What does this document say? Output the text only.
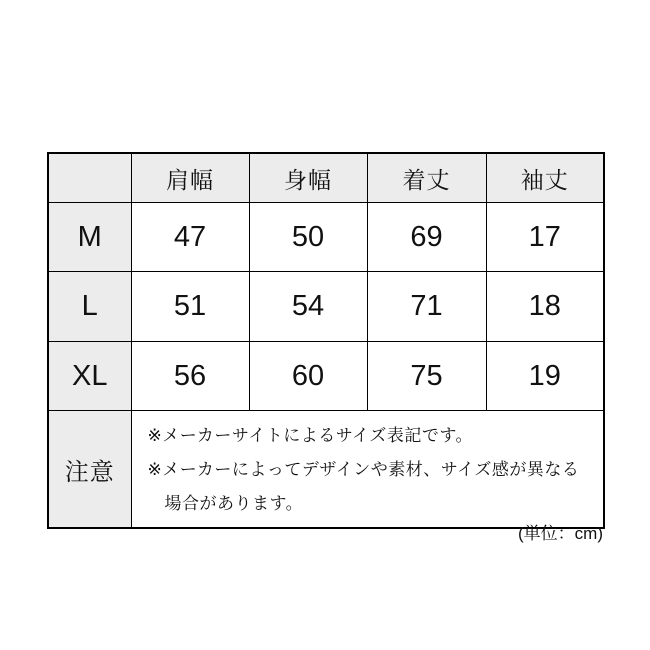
	肩幅	身幅	着丈	袖丈
M	47	50	69	17
L	51	54	71	18
XL	56	60	75	19
注意	※メーカーサイトによるサイズ表記です。

※メーカーによってデザインや素材、サイズ感が異なる場合があります。			

(単位：cm)
